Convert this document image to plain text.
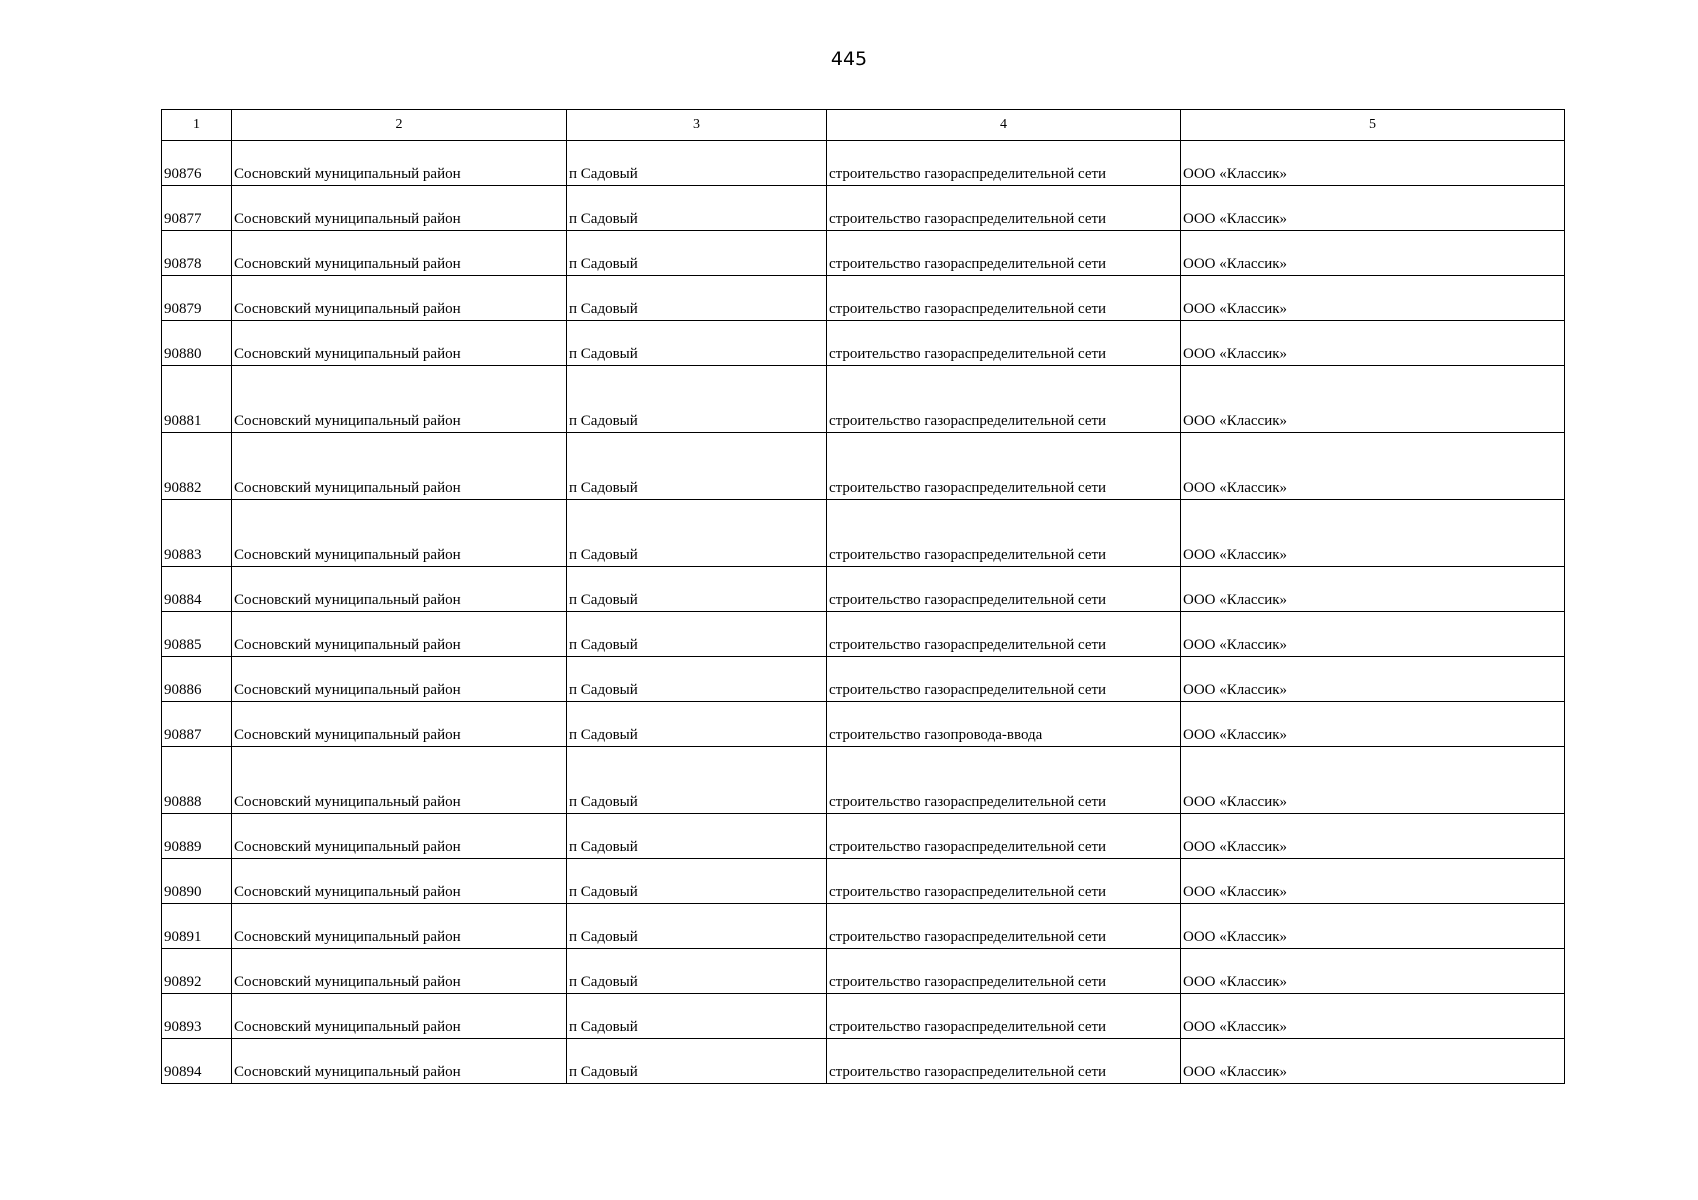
445
1	2	3	4	5
90876	Сосновский муниципальный район	п Садовый	строительство газораспределительной сети	ООО «Классик»
90877	Сосновский муниципальный район	п Садовый	строительство газораспределительной сети	ООО «Классик»
90878	Сосновский муниципальный район	п Садовый	строительство газораспределительной сети	ООО «Классик»
90879	Сосновский муниципальный район	п Садовый	строительство газораспределительной сети	ООО «Классик»
90880	Сосновский муниципальный район	п Садовый	строительство газораспределительной сети	ООО «Классик»
90881	Сосновский муниципальный район	п Садовый	строительство газораспределительной сети	ООО «Классик»
90882	Сосновский муниципальный район	п Садовый	строительство газораспределительной сети	ООО «Классик»
90883	Сосновский муниципальный район	п Садовый	строительство газораспределительной сети	ООО «Классик»
90884	Сосновский муниципальный район	п Садовый	строительство газораспределительной сети	ООО «Классик»
90885	Сосновский муниципальный район	п Садовый	строительство газораспределительной сети	ООО «Классик»
90886	Сосновский муниципальный район	п Садовый	строительство газораспределительной сети	ООО «Классик»
90887	Сосновский муниципальный район	п Садовый	строительство газопровода-ввода	ООО «Классик»
90888	Сосновский муниципальный район	п Садовый	строительство газораспределительной сети	ООО «Классик»
90889	Сосновский муниципальный район	п Садовый	строительство газораспределительной сети	ООО «Классик»
90890	Сосновский муниципальный район	п Садовый	строительство газораспределительной сети	ООО «Классик»
90891	Сосновский муниципальный район	п Садовый	строительство газораспределительной сети	ООО «Классик»
90892	Сосновский муниципальный район	п Садовый	строительство газораспределительной сети	ООО «Классик»
90893	Сосновский муниципальный район	п Садовый	строительство газораспределительной сети	ООО «Классик»
90894	Сосновский муниципальный район	п Садовый	строительство газораспределительной сети	ООО «Классик»
